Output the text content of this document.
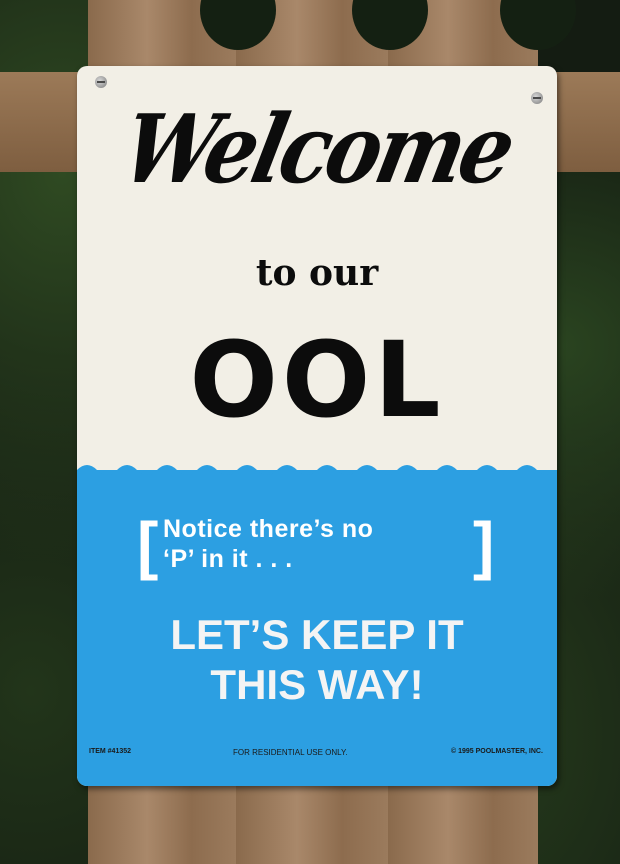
Welcome
to our
OOL
[ Notice there’s no
‘P’ in it . . .	]
LET’S KEEP IT
THIS WAY!
ITEM #41352	FOR RESIDENTIAL USE ONLY.	© 1995 POOLMASTER, INC.
